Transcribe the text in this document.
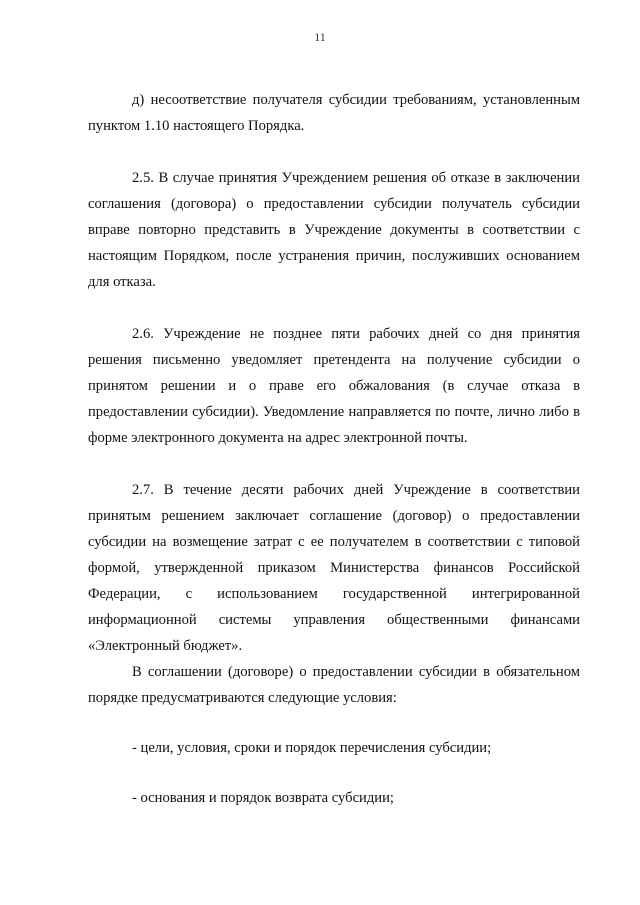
11

д) несоответствие получателя субсидии требованиям, установленным пунктом 1.10 настоящего Порядка.

2.5. В случае принятия Учреждением решения об отказе в заключении соглашения (договора) о предоставлении субсидии получатель субсидии вправе повторно представить в Учреждение документы в соответствии с настоящим Порядком, после устранения причин, послуживших основанием для отказа.

2.6. Учреждение не позднее пяти рабочих дней со дня принятия решения письменно уведомляет претендента на получение субсидии о принятом решении и о праве его обжалования (в случае отказа в предоставлении субсидии). Уведомление направляется по почте, лично либо в форме электронного документа на адрес электронной почты.

2.7. В течение десяти рабочих дней Учреждение в соответствии принятым решением заключает соглашение (договор) о предоставлении субсидии на возмещение затрат с ее получателем в соответствии с типовой формой, утвержденной приказом Министерства финансов Российской Федерации, с использованием государственной интегрированной информационной системы управления общественными финансами «Электронный бюджет».

В соглашении (договоре) о предоставлении субсидии в обязательном порядке предусматриваются следующие условия:

- цели, условия, сроки и порядок перечисления субсидии;

- основания и порядок возврата субсидии;
